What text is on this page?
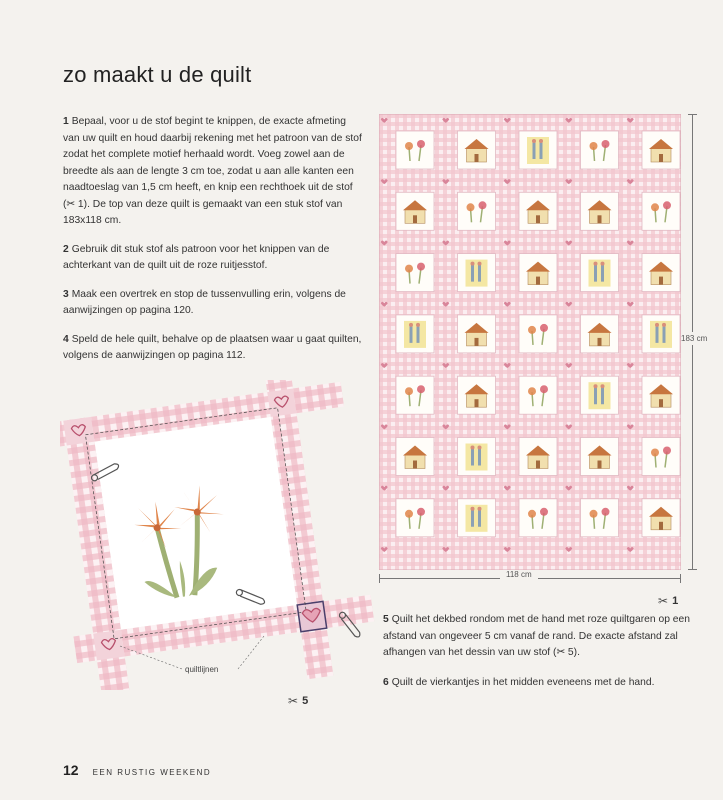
zo maakt u de quilt

1 Bepaal, voor u de stof begint te knippen, de exacte afmeting van uw quilt en houd daarbij rekening met het patroon van de stof zodat het complete motief herhaald wordt. Voeg zowel aan de breedte als aan de lengte 3 cm toe, zodat u aan alle kanten een naadtoeslag van 1,5 cm heeft, en knip een rechthoek uit de stof (✂ 1). De top van deze quilt is gemaakt van een stuk stof van 183x118 cm.

2 Gebruik dit stuk stof als patroon voor het knippen van de achterkant van de quilt uit de roze ruitjesstof.

3 Maak een overtrek en stop de tussenvulling erin, volgens de aanwijzingen op pagina 120.

4 Speld de hele quilt, behalve op de plaatsen waar u gaat quilten, volgens de aanwijzingen op pagina 112.

118 cm
183 cm
✂ 1
quiltlijnen
✂ 5

5 Quilt het dekbed rondom met de hand met roze quiltgaren op een afstand van ongeveer 5 cm vanaf de rand. De exacte afstand zal afhangen van het dessin van uw stof (✂ 5).

6 Quilt de vierkantjes in het midden eveneens met de hand.

12 EEN RUSTIG WEEKEND
